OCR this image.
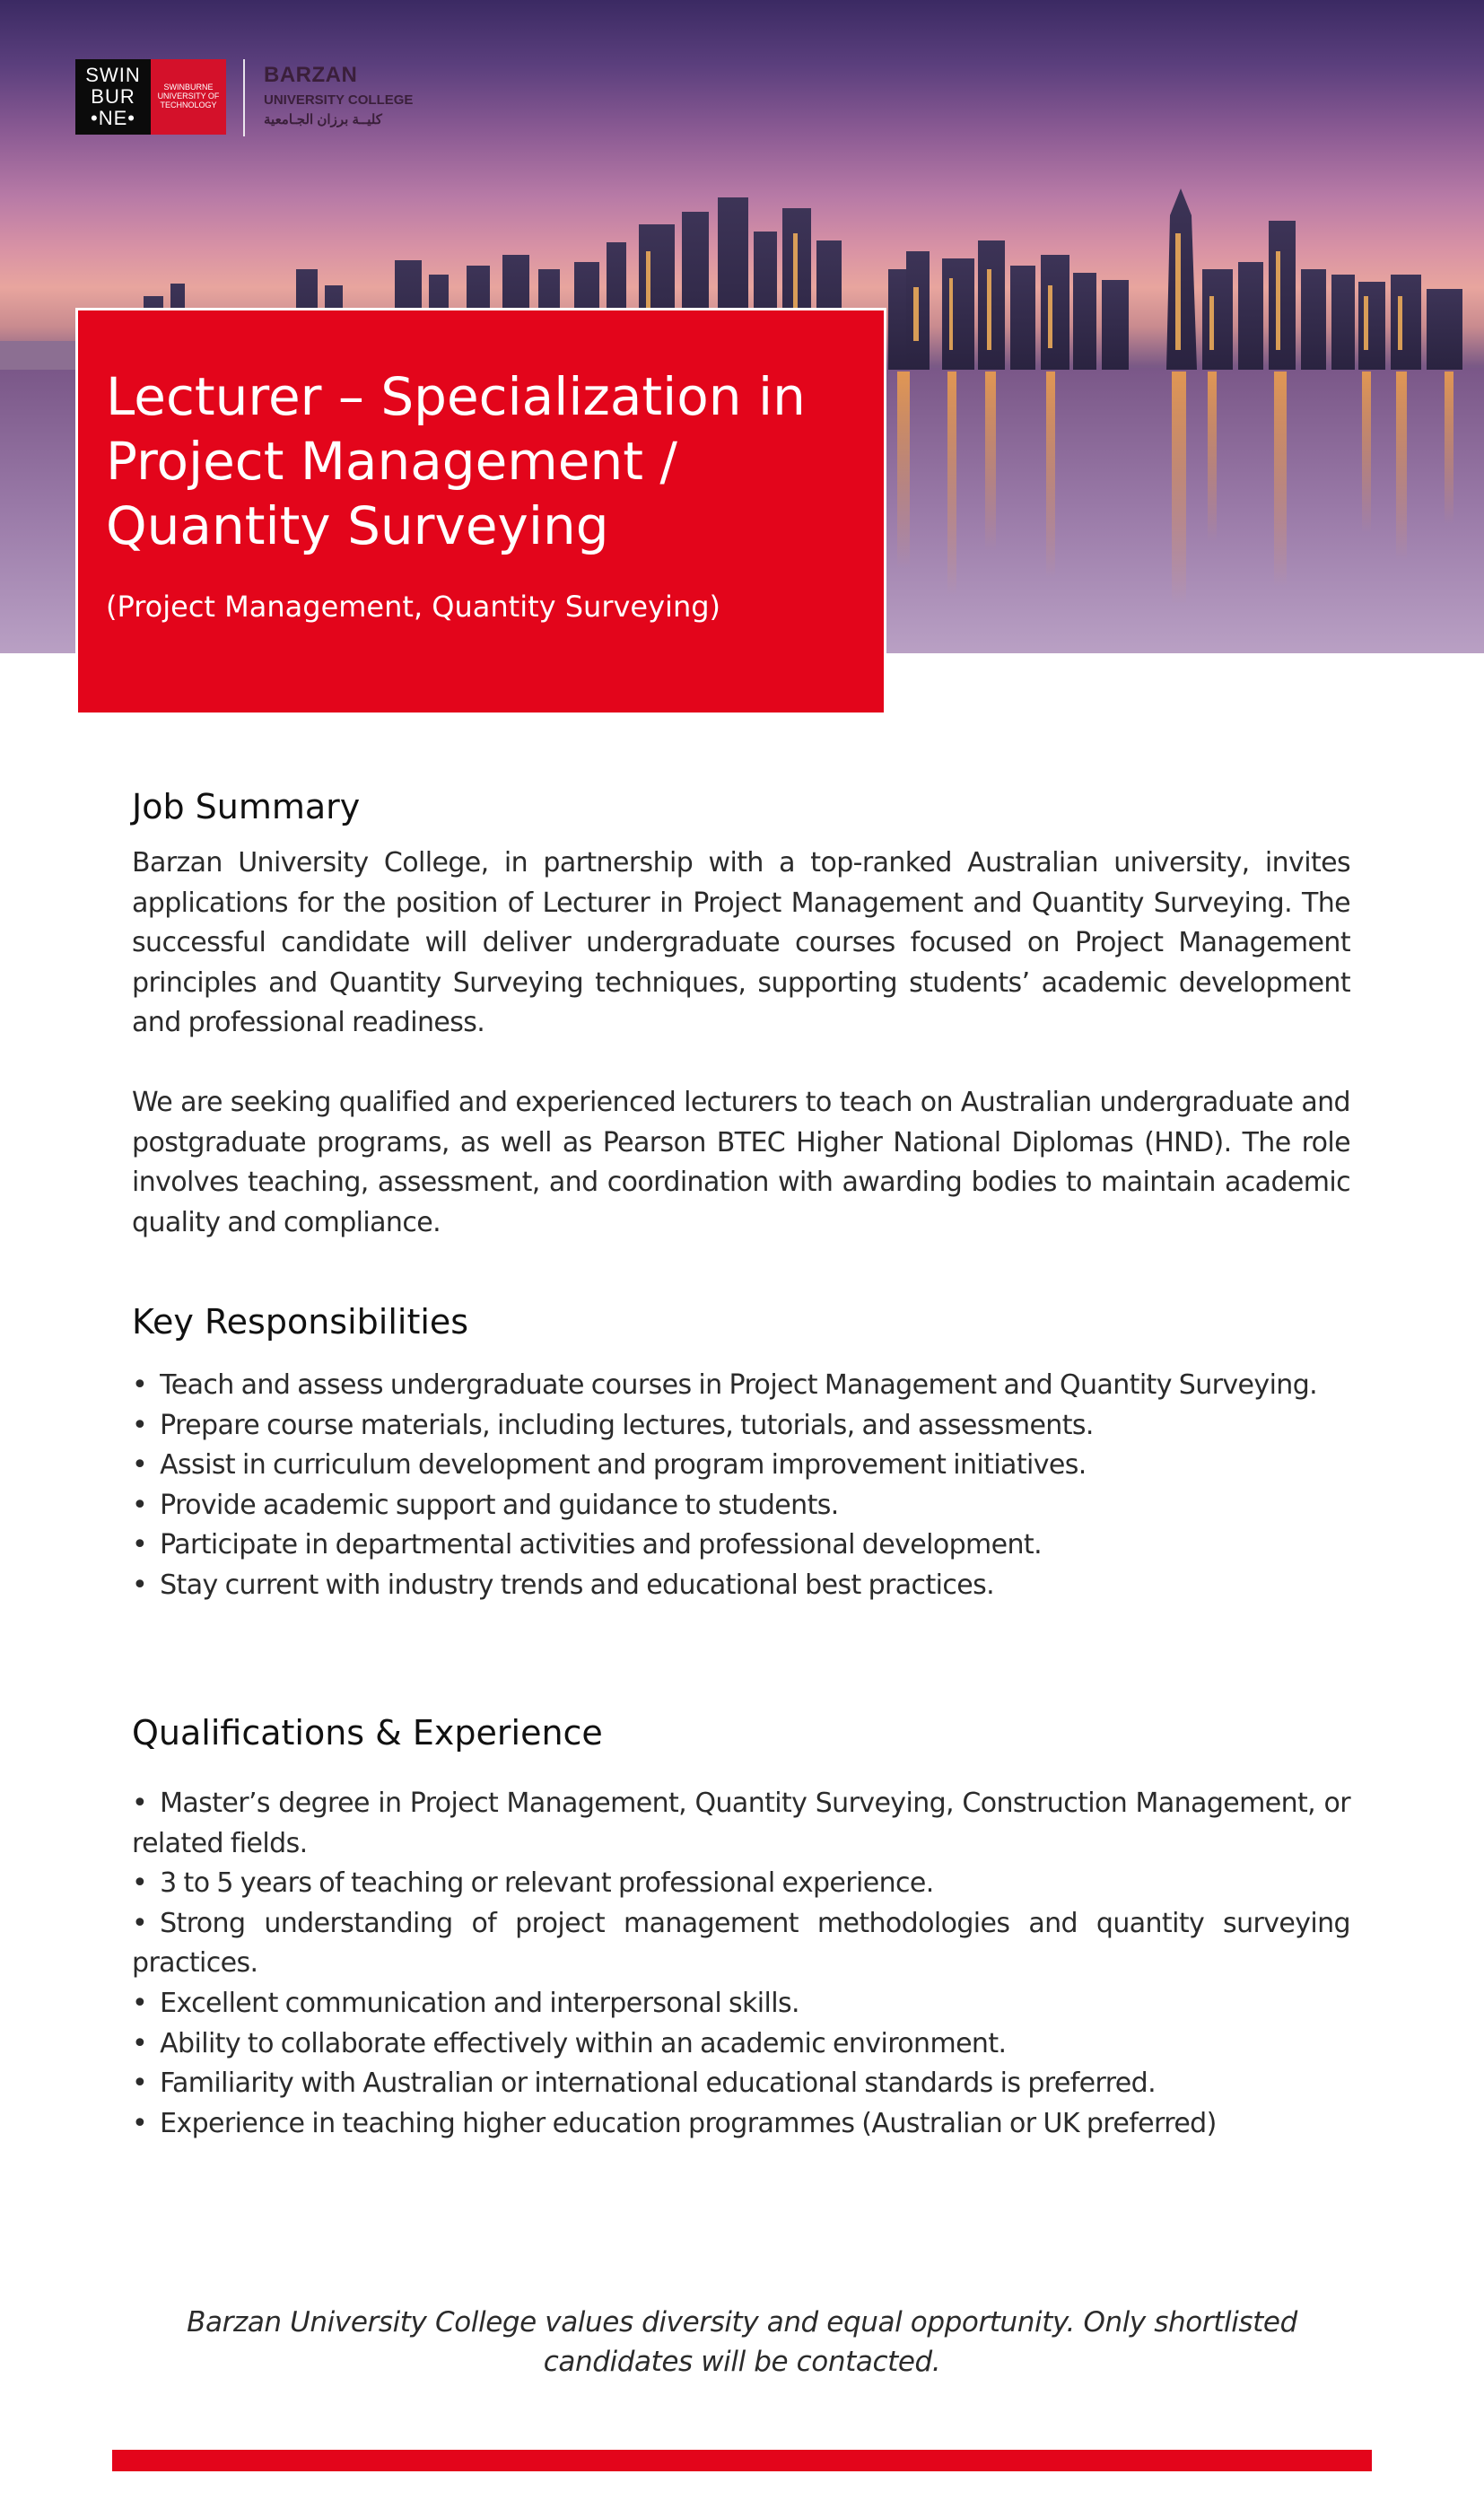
SWIN
BUR
•NE•
SWINBURNE
UNIVERSITY OF
TECHNOLOGY
BARZAN
UNIVERSITY COLLEGE
كليــة برزان الجـامعية
Lecturer – Specialization in Project Management / Quantity Surveying
(Project Management, Quantity Surveying)
Job Summary

Barzan University College, in partnership with a top-ranked Australian university, invites applications for the position of Lecturer in Project Management and Quantity Surveying. The successful candidate will deliver undergraduate courses focused on Project Management principles and Quantity Surveying techniques, supporting students’ academic development and professional readiness.

We are seeking qualified and experienced lecturers to teach on Australian undergraduate and postgraduate programs, as well as Pearson BTEC Higher National Diplomas (HND). The role involves teaching, assessment, and coordination with awarding bodies to maintain academic quality and compliance.

Key Responsibilities
• Teach and assess undergraduate courses in Project Management and Quantity Surveying.
• Prepare course materials, including lectures, tutorials, and assessments.
• Assist in curriculum development and program improvement initiatives.
• Provide academic support and guidance to students.
• Participate in departmental activities and professional development.
• Stay current with industry trends and educational best practices.
Qualifications & Experience
• Master’s degree in Project Management, Quantity Surveying, Construction Management, or related fields.
• 3 to 5 years of teaching or relevant professional experience.
• Strong understanding of project management methodologies and quantity surveying practices.
• Excellent communication and interpersonal skills.
• Ability to collaborate effectively within an academic environment.
• Familiarity with Australian or international educational standards is preferred.
• Experience in teaching higher education programmes (Australian or UK preferred)
Barzan University College values diversity and equal opportunity. Only shortlisted candidates will be contacted.
